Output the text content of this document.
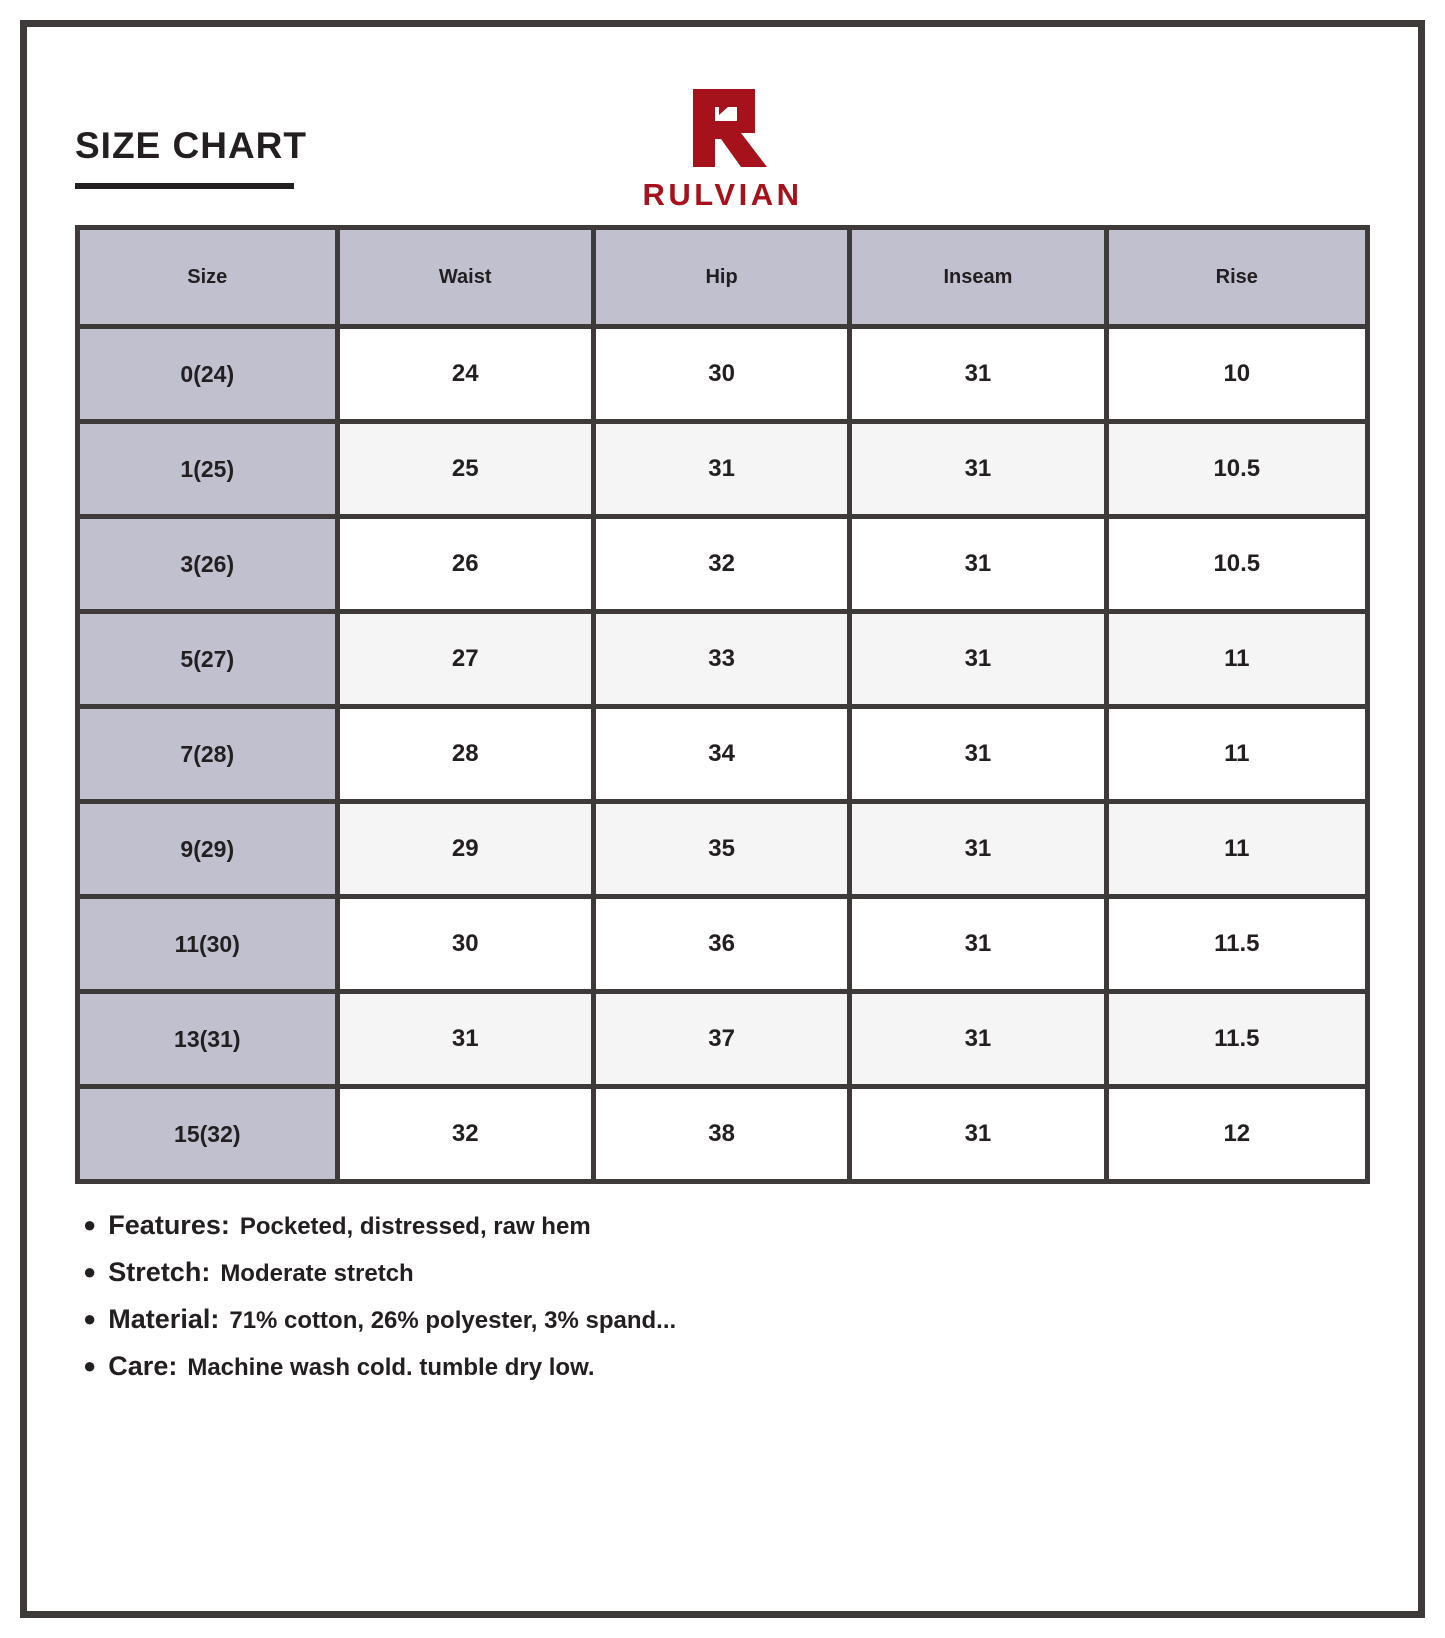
SIZE CHART
RULVIAN
Size	Waist	Hip	Inseam	Rise
0(24)	24	30	31	10
1(25)	25	31	31	10.5
3(26)	26	32	31	10.5
5(27)	27	33	31	11
7(28)	28	34	31	11
9(29)	29	35	31	11
11(30)	30	36	31	11.5
13(31)	31	37	31	11.5
15(32)	32	38	31	12
● Features: Pocketed, distressed, raw hem
● Stretch: Moderate stretch
● Material: 71% cotton, 26% polyester, 3% spand...
● Care: Machine wash cold. tumble dry low.
